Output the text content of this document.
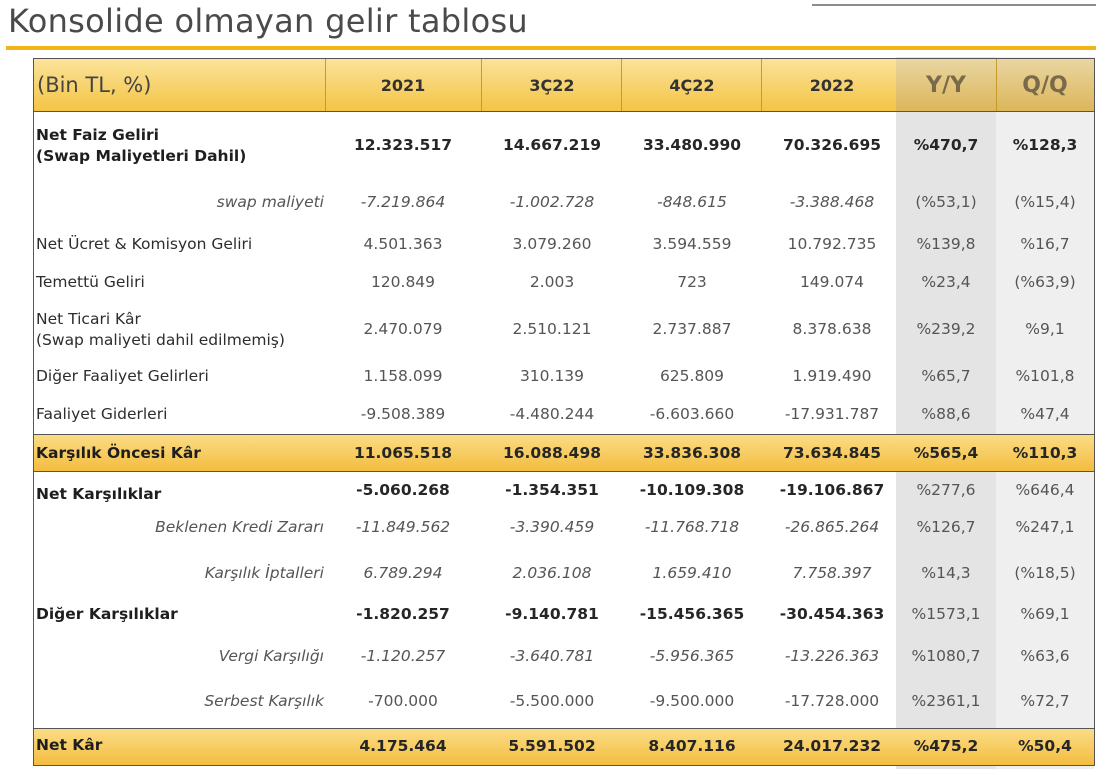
Konsolide olmayan gelir tablosu
(Bin TL, %)	2021	3Ç22	4Ç22	2022	Y/Y	Q/Q
Net Faiz Geliri
(Swap Maliyetleri Dahil)
12.323.517	14.667.219	33.480.990	70.326.695	%470,7	%128,3
swap maliyeti	-7.219.864	-1.002.728	-848.615	-3.388.468	(%53,1)	(%15,4)
Net Ücret & Komisyon Geliri	4.501.363	3.079.260	3.594.559	10.792.735	%139,8	%16,7
Temettü Geliri	120.849	2.003	723	149.074	%23,4	(%63,9)
Net Ticari Kâr
(Swap maliyeti dahil edilmemiş)
2.470.079	2.510.121	2.737.887	8.378.638	%239,2	%9,1
Diğer Faaliyet Gelirleri	1.158.099	310.139	625.809	1.919.490	%65,7	%101,8
Faaliyet Giderleri	-9.508.389	-4.480.244	-6.603.660	-17.931.787	%88,6	%47,4
Karşılık Öncesi Kâr	11.065.518	16.088.498	33.836.308	73.634.845	%565,4	%110,3
Net Karşılıklar	-5.060.268	-1.354.351	-10.109.308	-19.106.867	%277,6	%646,4
Beklenen Kredi Zararı	-11.849.562	-3.390.459	-11.768.718	-26.865.264	%126,7	%247,1
Karşılık İptalleri	6.789.294	2.036.108	1.659.410	7.758.397	%14,3	(%18,5)
Diğer Karşılıklar	-1.820.257	-9.140.781	-15.456.365	-30.454.363	%1573,1	%69,1
Vergi Karşılığı	-1.120.257	-3.640.781	-5.956.365	-13.226.363	%1080,7	%63,6
Serbest Karşılık	-700.000	-5.500.000	-9.500.000	-17.728.000	%2361,1	%72,7
Net Kâr	4.175.464	5.591.502	8.407.116	24.017.232	%475,2	%50,4
